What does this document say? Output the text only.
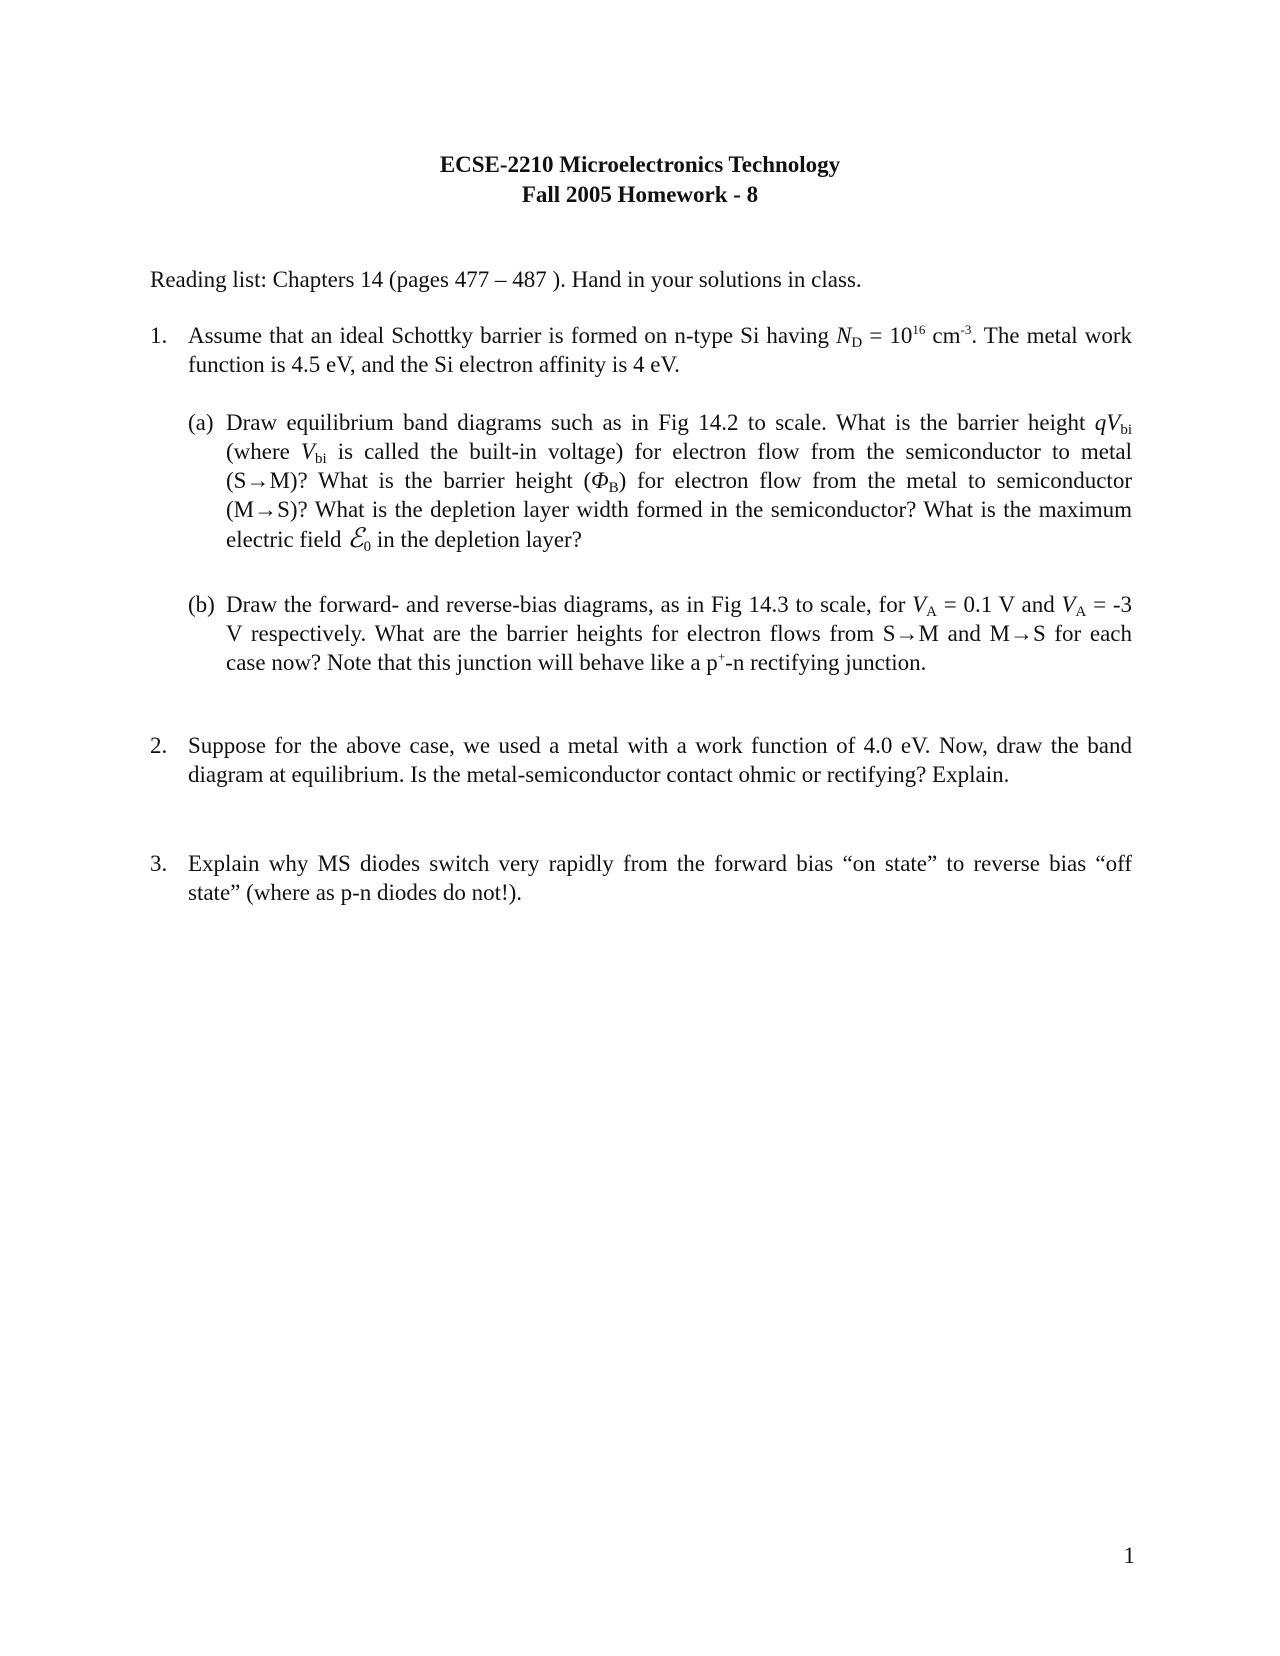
ECSE-2210 Microelectronics Technology
Fall 2005 Homework - 8
Reading list: Chapters 14 (pages 477 – 487 ). Hand in your solutions in class.
1. Assume that an ideal Schottky barrier is formed on n-type Si having $N_D = 10^{16}$ $cm^{-3}$. The metal work function is 4.5 eV, and the Si electron affinity is 4 eV.
(a) Draw equilibrium band diagrams such as in Fig 14.2 to scale. What is the barrier height $qV_{bi}$ (where $V_{bi}$ is called the built-in voltage) for electron flow from the semiconductor to metal (S→M)? What is the barrier height $(\Phi_B)$ for electron flow from the metal to semiconductor (M→S)? What is the depletion layer width formed in the semiconductor? What is the maximum electric field ℰ$_0$ in the depletion layer?
(b) Draw the forward- and reverse-bias diagrams, as in Fig 14.3 to scale, for $V_A = 0.1$ V and $V_A = -3$ V respectively. What are the barrier heights for electron flows from S→M and M→S for each case now? Note that this junction will behave like a p+-n rectifying junction.
2. Suppose for the above case, we used a metal with a work function of 4.0 eV. Now, draw the band diagram at equilibrium. Is the metal-semiconductor contact ohmic or rectifying? Explain.
3. Explain why MS diodes switch very rapidly from the forward bias “on state” to reverse bias “off state” (where as p-n diodes do not!).
1
